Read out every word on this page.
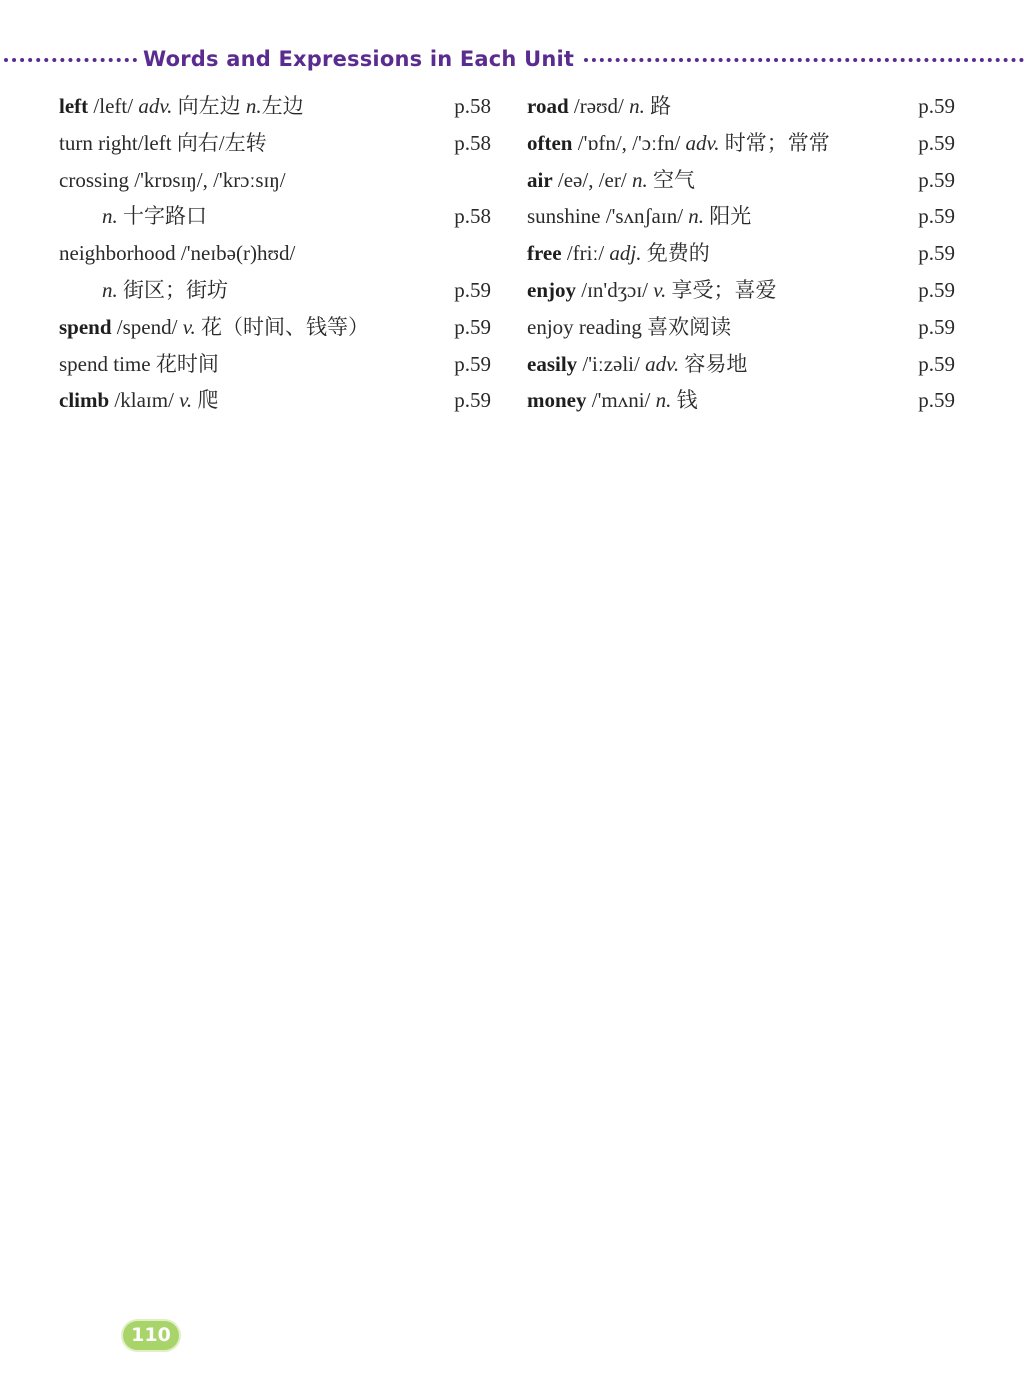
Words and Expressions in Each Unit
left /left/ adv. 向左边 n.左边	p.58
turn right/left 向右/左转	p.58
crossing /'krɒsɪŋ/, /'krɔːsɪŋ/
n. 十字路口	p.58
neighborhood /'neɪbə(r)hʊd/
n. 街区；街坊	p.59
spend /spend/ v. 花（时间、钱等）	p.59
spend time 花时间	p.59
climb /klaɪm/ v. 爬	p.59
road /rəʊd/ n. 路	p.59
often /'ɒfn/, /'ɔːfn/ adv. 时常；常常	p.59
air /eə/, /er/ n. 空气	p.59
sunshine /'sʌnʃaɪn/ n. 阳光	p.59
free /friː/ adj. 免费的	p.59
enjoy /ɪn'dʒɔɪ/ v. 享受；喜爱	p.59
enjoy reading 喜欢阅读	p.59
easily /'iːzəli/ adv. 容易地	p.59
money /'mʌni/ n. 钱	p.59
110
